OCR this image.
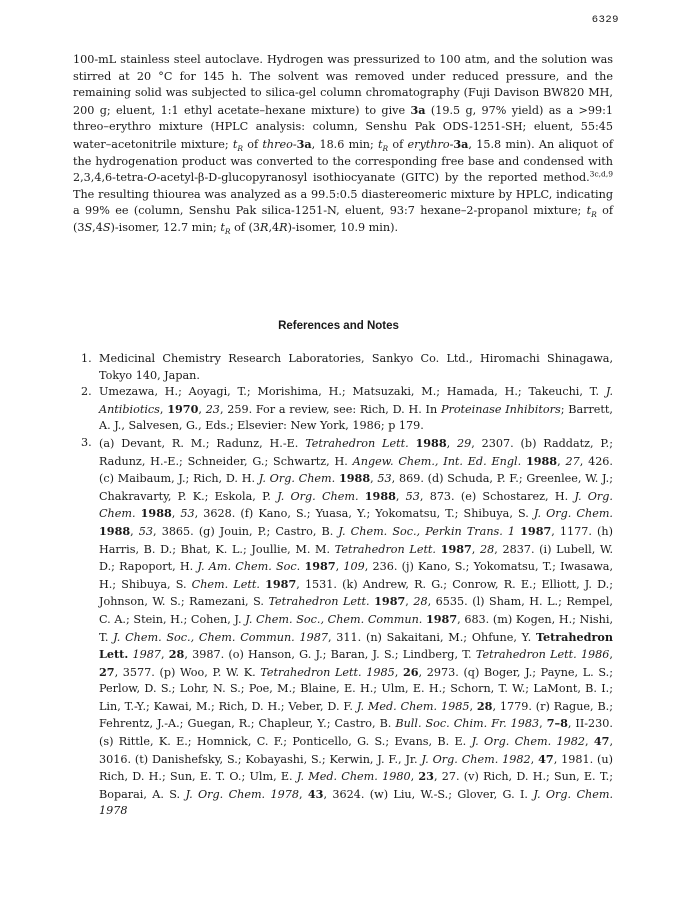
6329
100-mL stainless steel autoclave. Hydrogen was pressurized to 100 atm, and the solution was stirred at 20 °C for 145 h. The solvent was removed under reduced pressure, and the remaining solid was subjected to silica-gel column chromatography (Fuji Davison BW820 MH, 200 g; eluent, 1:1 ethyl acetate–hexane mixture) to give 3a (19.5 g, 97% yield) as a >99:1 threo–erythro mixture (HPLC analysis: column, Senshu Pak ODS-1251-SH; eluent, 55:45 water–acetonitrile mixture; $t_R$ of threo-3a, 18.6 min; $t_R$ of erythro-3a, 15.8 min). An aliquot of the hydrogenation product was converted to the corresponding free base and condensed with 2,3,4,6-tetra-O-acetyl-β-D-glucopyranosyl isothiocyanate (GITC) by the reported method.$^{3c,d,9}$ The resulting thiourea was analyzed as a 99.5:0.5 diastereomeric mixture by HPLC, indicating a 99% ee (column, Senshu Pak silica-1251-N, eluent, 93:7 hexane–2-propanol mixture; $t_R$ of (3S,4S)-isomer, 12.7 min; $t_R$ of (3R,4R)-isomer, 10.9 min).
References and Notes
1. Medicinal Chemistry Research Laboratories, Sankyo Co. Ltd., Hiromachi Shinagawa, Tokyo 140, Japan.
2. Umezawa, H.; Aoyagi, T.; Morishima, H.; Matsuzaki, M.; Hamada, H.; Takeuchi, T. J. Antibiotics, 1970, 23, 259. For a review, see: Rich, D. H. In Proteinase Inhibitors; Barrett, A. J., Salvesen, G., Eds.; Elsevier: New York, 1986; p 179.
3. (a) Devant, R. M.; Radunz, H.-E. Tetrahedron Lett. 1988, 29, 2307. (b) Raddatz, P.; Radunz, H.-E.; Schneider, G.; Schwartz, H. Angew. Chem., Int. Ed. Engl. 1988, 27, 426. (c) Maibaum, J.; Rich, D. H. J. Org. Chem. 1988, 53, 869. (d) Schuda, P. F.; Greenlee, W. J.; Chakravarty, P. K.; Eskola, P. J. Org. Chem. 1988, 53, 873. (e) Schostarez, H. J. Org. Chem. 1988, 53, 3628. (f) Kano, S.; Yuasa, Y.; Yokomatsu, T.; Shibuya, S. J. Org. Chem. 1988, 53, 3865. (g) Jouin, P.; Castro, B. J. Chem. Soc., Perkin Trans. 1 1987, 1177. (h) Harris, B. D.; Bhat, K. L.; Joullie, M. M. Tetrahedron Lett. 1987, 28, 2837. (i) Lubell, W. D.; Rapoport, H. J. Am. Chem. Soc. 1987, 109, 236. (j) Kano, S.; Yokomatsu, T.; Iwasawa, H.; Shibuya, S. Chem. Lett. 1987, 1531. (k) Andrew, R. G.; Conrow, R. E.; Elliott, J. D.; Johnson, W. S.; Ramezani, S. Tetrahedron Lett. 1987, 28, 6535. (l) Sham, H. L.; Rempel, C. A.; Stein, H.; Cohen, J. J. Chem. Soc., Chem. Commun. 1987, 683. (m) Kogen, H.; Nishi, T. J. Chem. Soc., Chem. Commun. 1987, 311. (n) Sakaitani, M.; Ohfune, Y. Tetrahedron Lett. 1987, 28, 3987. (o) Hanson, G. J.; Baran, J. S.; Lindberg, T. Tetrahedron Lett. 1986, 27, 3577. (p) Woo, P. W. K. Tetrahedron Lett. 1985, 26, 2973. (q) Boger, J.; Payne, L. S.; Perlow, D. S.; Lohr, N. S.; Poe, M.; Blaine, E. H.; Ulm, E. H.; Schorn, T. W.; LaMont, B. I.; Lin, T.-Y.; Kawai, M.; Rich, D. H.; Veber, D. F. J. Med. Chem. 1985, 28, 1779. (r) Rague, B.; Fehrentz, J.-A.; Guegan, R.; Chapleur, Y.; Castro, B. Bull. Soc. Chim. Fr. 1983, 7–8, II-230. (s) Rittle, K. E.; Homnick, C. F.; Ponticello, G. S.; Evans, B. E. J. Org. Chem. 1982, 47, 3016. (t) Danishefsky, S.; Kobayashi, S.; Kerwin, J. F., Jr. J. Org. Chem. 1982, 47, 1981. (u) Rich, D. H.; Sun, E. T. O.; Ulm, E. J. Med. Chem. 1980, 23, 27. (v) Rich, D. H.; Sun, E. T.; Boparai, A. S. J. Org. Chem. 1978, 43, 3624. (w) Liu, W.-S.; Glover, G. I. J. Org. Chem. 1978
